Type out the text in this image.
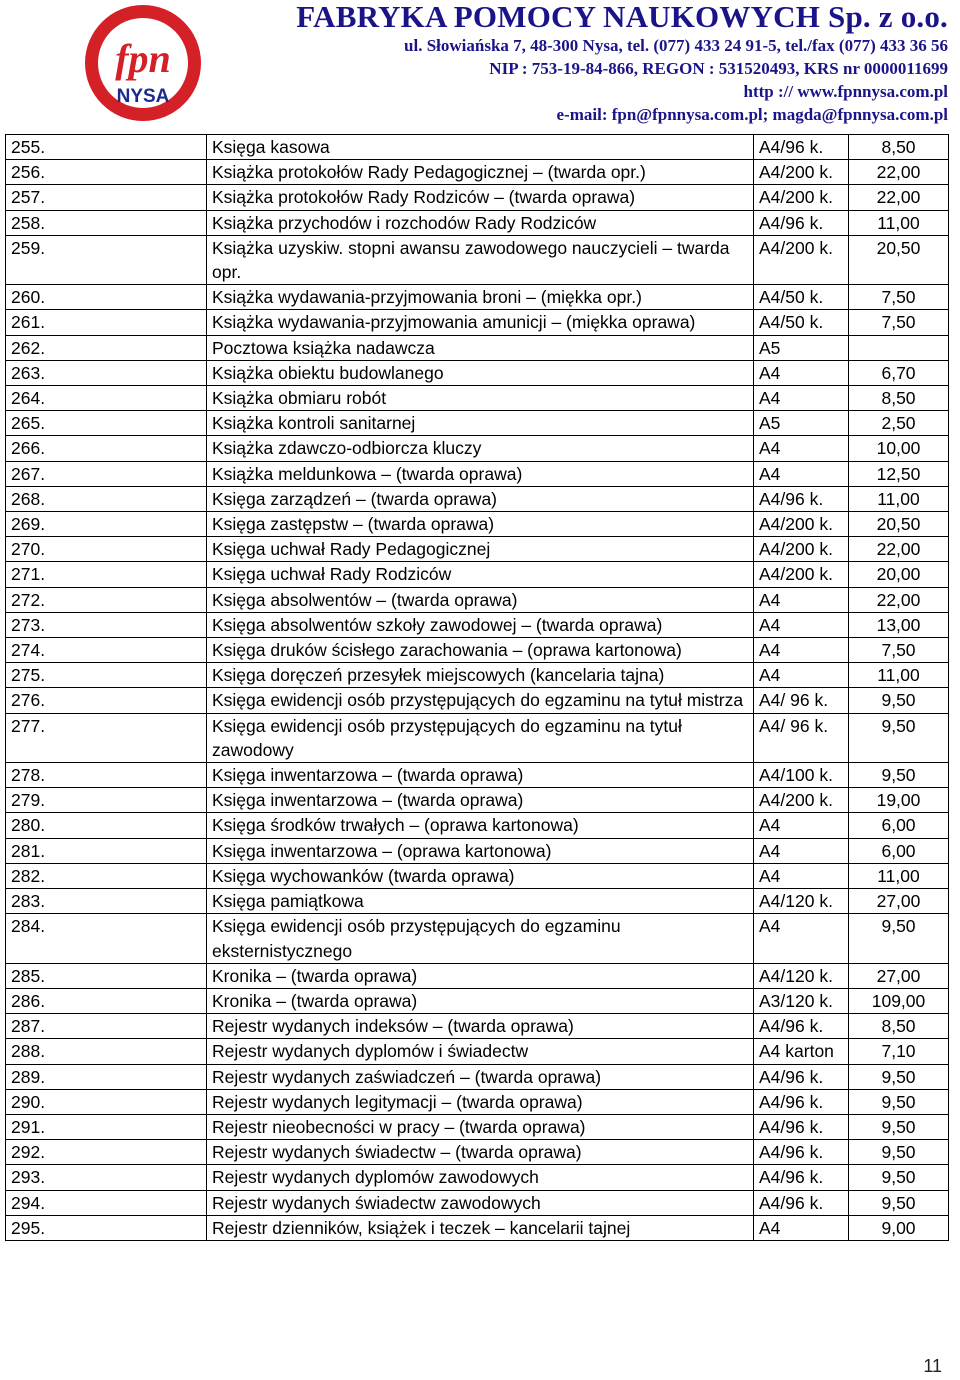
fpn
NYSA
FABRYKA POMOCY NAUKOWYCH Sp. z o.o.
ul. Słowiańska 7, 48-300 Nysa, tel. (077) 433 24 91-5, tel./fax (077) 433 36 56
NIP : 753-19-84-866, REGON : 531520493, KRS nr 0000011699
http :// www.fpnnysa.com.pl
e-mail: fpn@fpnnysa.com.pl; magda@fpnnysa.com.pl
255.	Księga kasowa	A4/96 k.	8,50
256.	Książka protokołów Rady Pedagogicznej – (twarda opr.)	A4/200 k.	22,00
257.	Książka protokołów Rady Rodziców – (twarda oprawa)	A4/200 k.	22,00
258.	Książka przychodów i rozchodów Rady Rodziców	A4/96 k.	11,00
259.	Książka uzyskiw. stopni awansu zawodowego nauczycieli – twarda opr.	A4/200 k.	20,50
260.	Książka wydawania-przyjmowania broni – (miękka opr.)	A4/50 k.	7,50
261.	Książka wydawania-przyjmowania amunicji – (miękka oprawa)	A4/50 k.	7,50
262.	Pocztowa książka nadawcza	A5	
263.	Książka obiektu budowlanego	A4	6,70
264.	Książka obmiaru robót	A4	8,50
265.	Książka kontroli sanitarnej	A5	2,50
266.	Książka zdawczo-odbiorcza kluczy	A4	10,00
267.	Książka meldunkowa – (twarda oprawa)	A4	12,50
268.	Księga zarządzeń – (twarda oprawa)	A4/96 k.	11,00
269.	Księga zastępstw – (twarda oprawa)	A4/200 k.	20,50
270.	Księga uchwał Rady Pedagogicznej	A4/200 k.	22,00
271.	Księga uchwał Rady Rodziców	A4/200 k.	20,00
272.	Księga absolwentów – (twarda oprawa)	A4	22,00
273.	Księga absolwentów szkoły zawodowej – (twarda oprawa)	A4	13,00
274.	Księga druków ścisłego zarachowania – (oprawa kartonowa)	A4	7,50
275.	Księga doręczeń przesyłek miejscowych (kancelaria tajna)	A4	11,00
276.	Księga ewidencji osób przystępujących do egzaminu na tytuł mistrza	A4/ 96 k.	9,50
277.	Księga ewidencji osób przystępujących do egzaminu na tytuł zawodowy	A4/ 96 k.	9,50
278.	Księga inwentarzowa – (twarda oprawa)	A4/100 k.	9,50
279.	Księga inwentarzowa – (twarda oprawa)	A4/200 k.	19,00
280.	Księga środków trwałych – (oprawa kartonowa)	A4	6,00
281.	Księga inwentarzowa – (oprawa kartonowa)	A4	6,00
282.	Księga wychowanków (twarda oprawa)	A4	11,00
283.	Księga pamiątkowa	A4/120 k.	27,00
284.	Księga ewidencji osób przystępujących do egzaminu eksternistycznego	A4	9,50
285.	Kronika – (twarda oprawa)	A4/120 k.	27,00
286.	Kronika – (twarda oprawa)	A3/120 k.	109,00
287.	Rejestr wydanych indeksów – (twarda oprawa)	A4/96 k.	8,50
288.	Rejestr wydanych dyplomów i świadectw	A4 karton	7,10
289.	Rejestr wydanych zaświadczeń – (twarda oprawa)	A4/96 k.	9,50
290.	Rejestr wydanych legitymacji – (twarda oprawa)	A4/96 k.	9,50
291.	Rejestr nieobecności w pracy – (twarda oprawa)	A4/96 k.	9,50
292.	Rejestr wydanych świadectw – (twarda oprawa)	A4/96 k.	9,50
293.	Rejestr wydanych dyplomów zawodowych	A4/96 k.	9,50
294.	Rejestr wydanych świadectw zawodowych	A4/96 k.	9,50
295.	Rejestr dzienników, książek i teczek – kancelarii tajnej	A4	9,00
11
